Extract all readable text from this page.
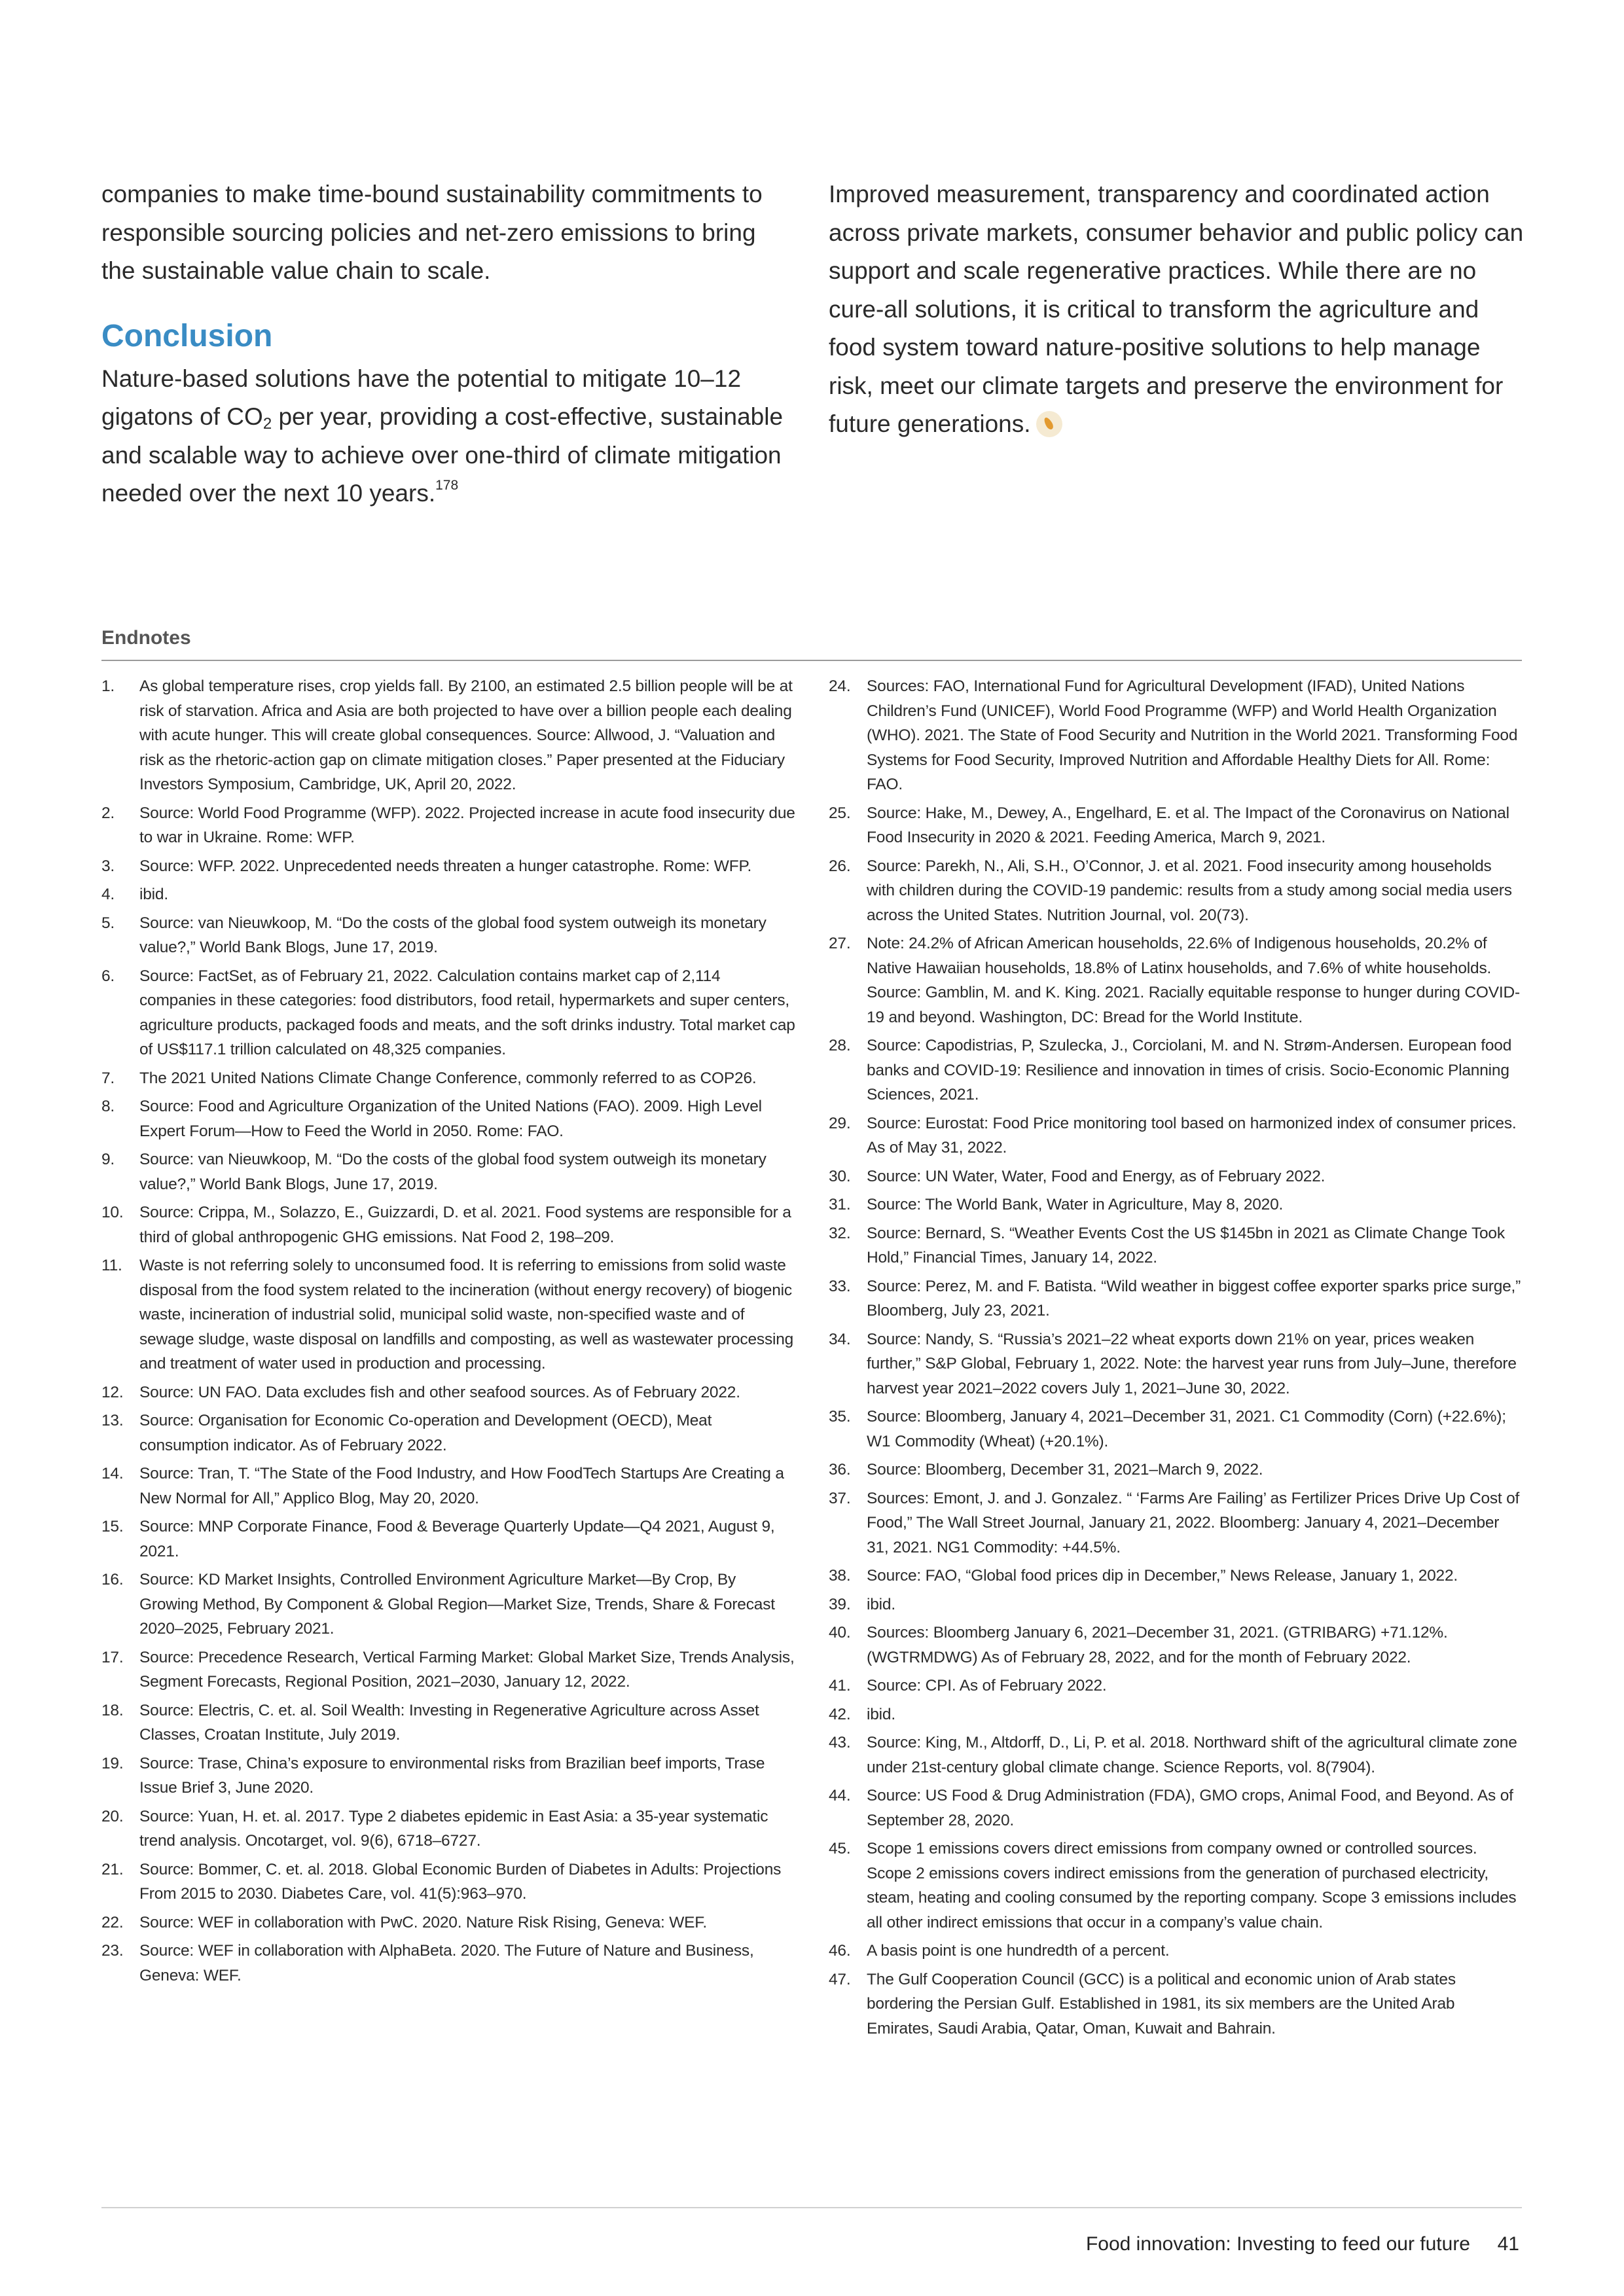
companies to make time-bound sustainability commitments to responsible sourcing policies and net-zero emissions to bring the sustainable value chain to scale.

Conclusion

Nature-based solutions have the potential to mitigate 10–12 gigatons of $CO_2$ per year, providing a cost-effective, sustainable and scalable way to achieve over one-third of climate mitigation needed over the next 10 years.$^{178}$

Improved measurement, transparency and coordinated action across private markets, consumer behavior and public policy can support and scale regenerative practices. While there are no cure-all solutions, it is critical to transform the agriculture and food system toward nature-positive solutions to help manage risk, meet our climate targets and preserve the environment for future generations.

Endnotes
1. As global temperature rises, crop yields fall. By 2100, an estimated 2.5 billion people will be at risk of starvation. Africa and Asia are both projected to have over a billion people each dealing with acute hunger. This will create global consequences. Source: Allwood, J. “Valuation and risk as the rhetoric-action gap on climate mitigation closes.” Paper presented at the Fiduciary Investors Symposium, Cambridge, UK, April 20, 2022.
2. Source: World Food Programme (WFP). 2022. Projected increase in acute food insecurity due to war in Ukraine. Rome: WFP.
3. Source: WFP. 2022. Unprecedented needs threaten a hunger catastrophe. Rome: WFP.
4. ibid.
5. Source: van Nieuwkoop, M. “Do the costs of the global food system outweigh its monetary value?,” World Bank Blogs, June 17, 2019.
6. Source: FactSet, as of February 21, 2022. Calculation contains market cap of 2,114 companies in these categories: food distributors, food retail, hypermarkets and super centers, agriculture products, packaged foods and meats, and the soft drinks industry. Total market cap of US$117.1 trillion calculated on 48,325 companies.
7. The 2021 United Nations Climate Change Conference, commonly referred to as COP26.
8. Source: Food and Agriculture Organization of the United Nations (FAO). 2009. High Level Expert Forum—How to Feed the World in 2050. Rome: FAO.
9. Source: van Nieuwkoop, M. “Do the costs of the global food system outweigh its monetary value?,” World Bank Blogs, June 17, 2019.
10. Source: Crippa, M., Solazzo, E., Guizzardi, D. et al. 2021. Food systems are responsible for a third of global anthropogenic GHG emissions. Nat Food 2, 198–209.
11. Waste is not referring solely to unconsumed food. It is referring to emissions from solid waste disposal from the food system related to the incineration (without energy recovery) of biogenic waste, incineration of industrial solid, municipal solid waste, non-specified waste and of sewage sludge, waste disposal on landfills and composting, as well as wastewater processing and treatment of water used in production and processing.
12. Source: UN FAO. Data excludes fish and other seafood sources. As of February 2022.
13. Source: Organisation for Economic Co-operation and Development (OECD), Meat consumption indicator. As of February 2022.
14. Source: Tran, T. “The State of the Food Industry, and How FoodTech Startups Are Creating a New Normal for All,” Applico Blog, May 20, 2020.
15. Source: MNP Corporate Finance, Food & Beverage Quarterly Update—Q4 2021, August 9, 2021.
16. Source: KD Market Insights, Controlled Environment Agriculture Market—By Crop, By Growing Method, By Component & Global Region—Market Size, Trends, Share & Forecast 2020–2025, February 2021.
17. Source: Precedence Research, Vertical Farming Market: Global Market Size, Trends Analysis, Segment Forecasts, Regional Position, 2021–2030, January 12, 2022.
18. Source: Electris, C. et. al. Soil Wealth: Investing in Regenerative Agriculture across Asset Classes, Croatan Institute, July 2019.
19. Source: Trase, China’s exposure to environmental risks from Brazilian beef imports, Trase Issue Brief 3, June 2020.
20. Source: Yuan, H. et. al. 2017. Type 2 diabetes epidemic in East Asia: a 35-year systematic trend analysis. Oncotarget, vol. 9(6), 6718–6727.
21. Source: Bommer, C. et. al. 2018. Global Economic Burden of Diabetes in Adults: Projections From 2015 to 2030. Diabetes Care, vol. 41(5):963–970.
22. Source: WEF in collaboration with PwC. 2020. Nature Risk Rising, Geneva: WEF.
23. Source: WEF in collaboration with AlphaBeta. 2020. The Future of Nature and Business, Geneva: WEF.
24. Sources: FAO, International Fund for Agricultural Development (IFAD), United Nations Children’s Fund (UNICEF), World Food Programme (WFP) and World Health Organization (WHO). 2021. The State of Food Security and Nutrition in the World 2021. Transforming Food Systems for Food Security, Improved Nutrition and Affordable Healthy Diets for All. Rome: FAO.
25. Source: Hake, M., Dewey, A., Engelhard, E. et al. The Impact of the Coronavirus on National Food Insecurity in 2020 & 2021. Feeding America, March 9, 2021.
26. Source: Parekh, N., Ali, S.H., O’Connor, J. et al. 2021. Food insecurity among households with children during the COVID-19 pandemic: results from a study among social media users across the United States. Nutrition Journal, vol. 20(73).
27. Note: 24.2% of African American households, 22.6% of Indigenous households, 20.2% of Native Hawaiian households, 18.8% of Latinx households, and 7.6% of white households. Source: Gamblin, M. and K. King. 2021. Racially equitable response to hunger during COVID-19 and beyond. Washington, DC: Bread for the World Institute.
28. Source: Capodistrias, P, Szulecka, J., Corciolani, M. and N. Strøm-Andersen. European food banks and COVID-19: Resilience and innovation in times of crisis. Socio-Economic Planning Sciences, 2021.
29. Source: Eurostat: Food Price monitoring tool based on harmonized index of consumer prices. As of May 31, 2022.
30. Source: UN Water, Water, Food and Energy, as of February 2022.
31. Source: The World Bank, Water in Agriculture, May 8, 2020.
32. Source: Bernard, S. “Weather Events Cost the US $145bn in 2021 as Climate Change Took Hold,” Financial Times, January 14, 2022.
33. Source: Perez, M. and F. Batista. “Wild weather in biggest coffee exporter sparks price surge,” Bloomberg, July 23, 2021.
34. Source: Nandy, S. “Russia’s 2021–22 wheat exports down 21% on year, prices weaken further,” S&P Global, February 1, 2022. Note: the harvest year runs from July–June, therefore harvest year 2021–2022 covers July 1, 2021–June 30, 2022.
35. Source: Bloomberg, January 4, 2021–December 31, 2021. C1 Commodity (Corn) (+22.6%); W1 Commodity (Wheat) (+20.1%).
36. Source: Bloomberg, December 31, 2021–March 9, 2022.
37. Sources: Emont, J. and J. Gonzalez. “ ‘Farms Are Failing’ as Fertilizer Prices Drive Up Cost of Food,” The Wall Street Journal, January 21, 2022. Bloomberg: January 4, 2021–December 31, 2021. NG1 Commodity: +44.5%.
38. Source: FAO, “Global food prices dip in December,” News Release, January 1, 2022.
39. ibid.
40. Sources: Bloomberg January 6, 2021–December 31, 2021. (GTRIBARG) +71.12%. (WGTRMDWG) As of February 28, 2022, and for the month of February 2022.
41. Source: CPI. As of February 2022.
42. ibid.
43. Source: King, M., Altdorff, D., Li, P. et al. 2018. Northward shift of the agricultural climate zone under 21st-century global climate change. Science Reports, vol. 8(7904).
44. Source: US Food & Drug Administration (FDA), GMO crops, Animal Food, and Beyond. As of September 28, 2020.
45. Scope 1 emissions covers direct emissions from company owned or controlled sources. Scope 2 emissions covers indirect emissions from the generation of purchased electricity, steam, heating and cooling consumed by the reporting company. Scope 3 emissions includes all other indirect emissions that occur in a company’s value chain.
46. A basis point is one hundredth of a percent.
47. The Gulf Cooperation Council (GCC) is a political and economic union of Arab states bordering the Persian Gulf. Established in 1981, its six members are the United Arab Emirates, Saudi Arabia, Qatar, Oman, Kuwait and Bahrain.
Food innovation: Investing to feed our future 41
